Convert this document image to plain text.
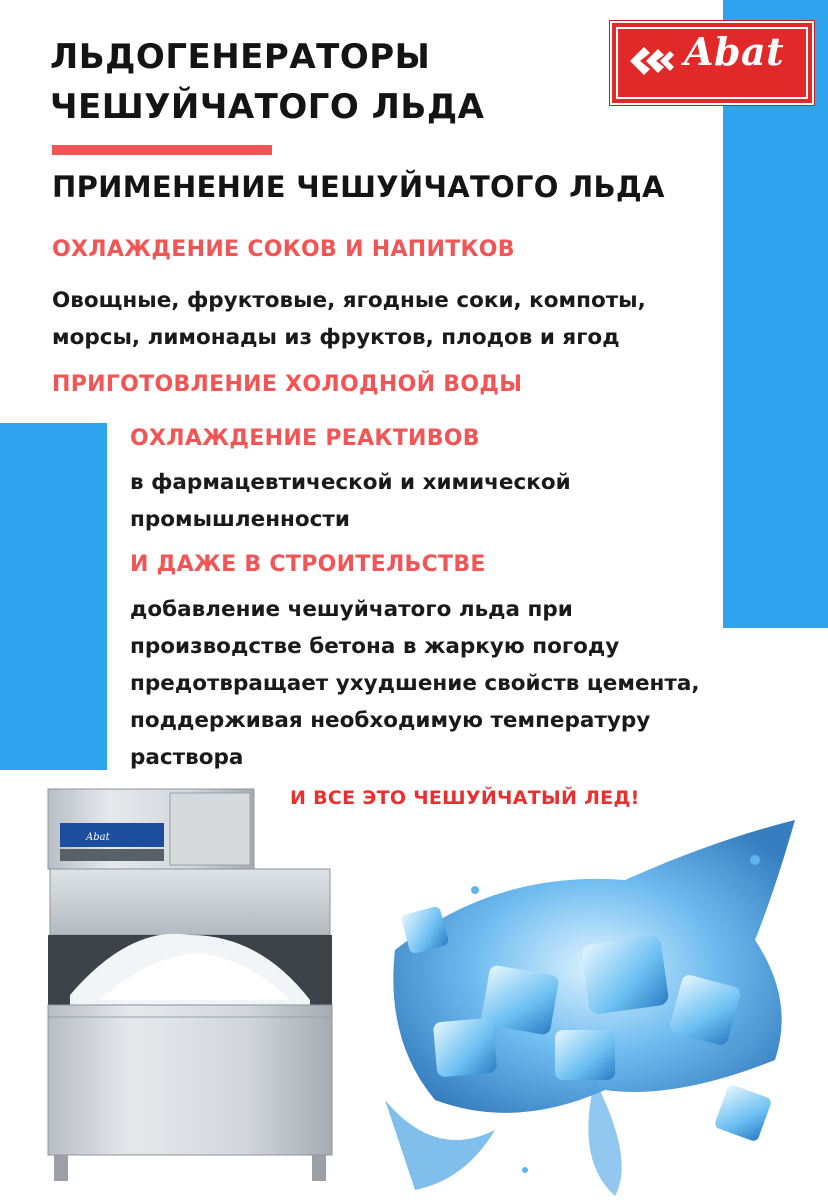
ЛЬДОГЕНЕРАТОРЫ
ЧЕШУЙЧАТОГО ЛЬДА
Abat
ПРИМЕНЕНИЕ ЧЕШУЙЧАТОГО ЛЬДА
ОХЛАЖДЕНИЕ СОКОВ И НАПИТКОВ

Овощные, фруктовые, ягодные соки, компоты,
морсы, лимонады из фруктов, плодов и ягод

ПРИГОТОВЛЕНИЕ ХОЛОДНОЙ ВОДЫ
ОХЛАЖДЕНИЕ РЕАКТИВОВ

в фармацевтической и химической
промышленности

И ДАЖЕ В СТРОИТЕЛЬСТВЕ

добавление чешуйчатого льда при
производстве бетона в жаркую погоду
предотвращает ухудшение свойств цемента,
поддерживая необходимую температуру
раствора

И ВСЕ ЭТО ЧЕШУЙЧАТЫЙ ЛЕД!

Abat
